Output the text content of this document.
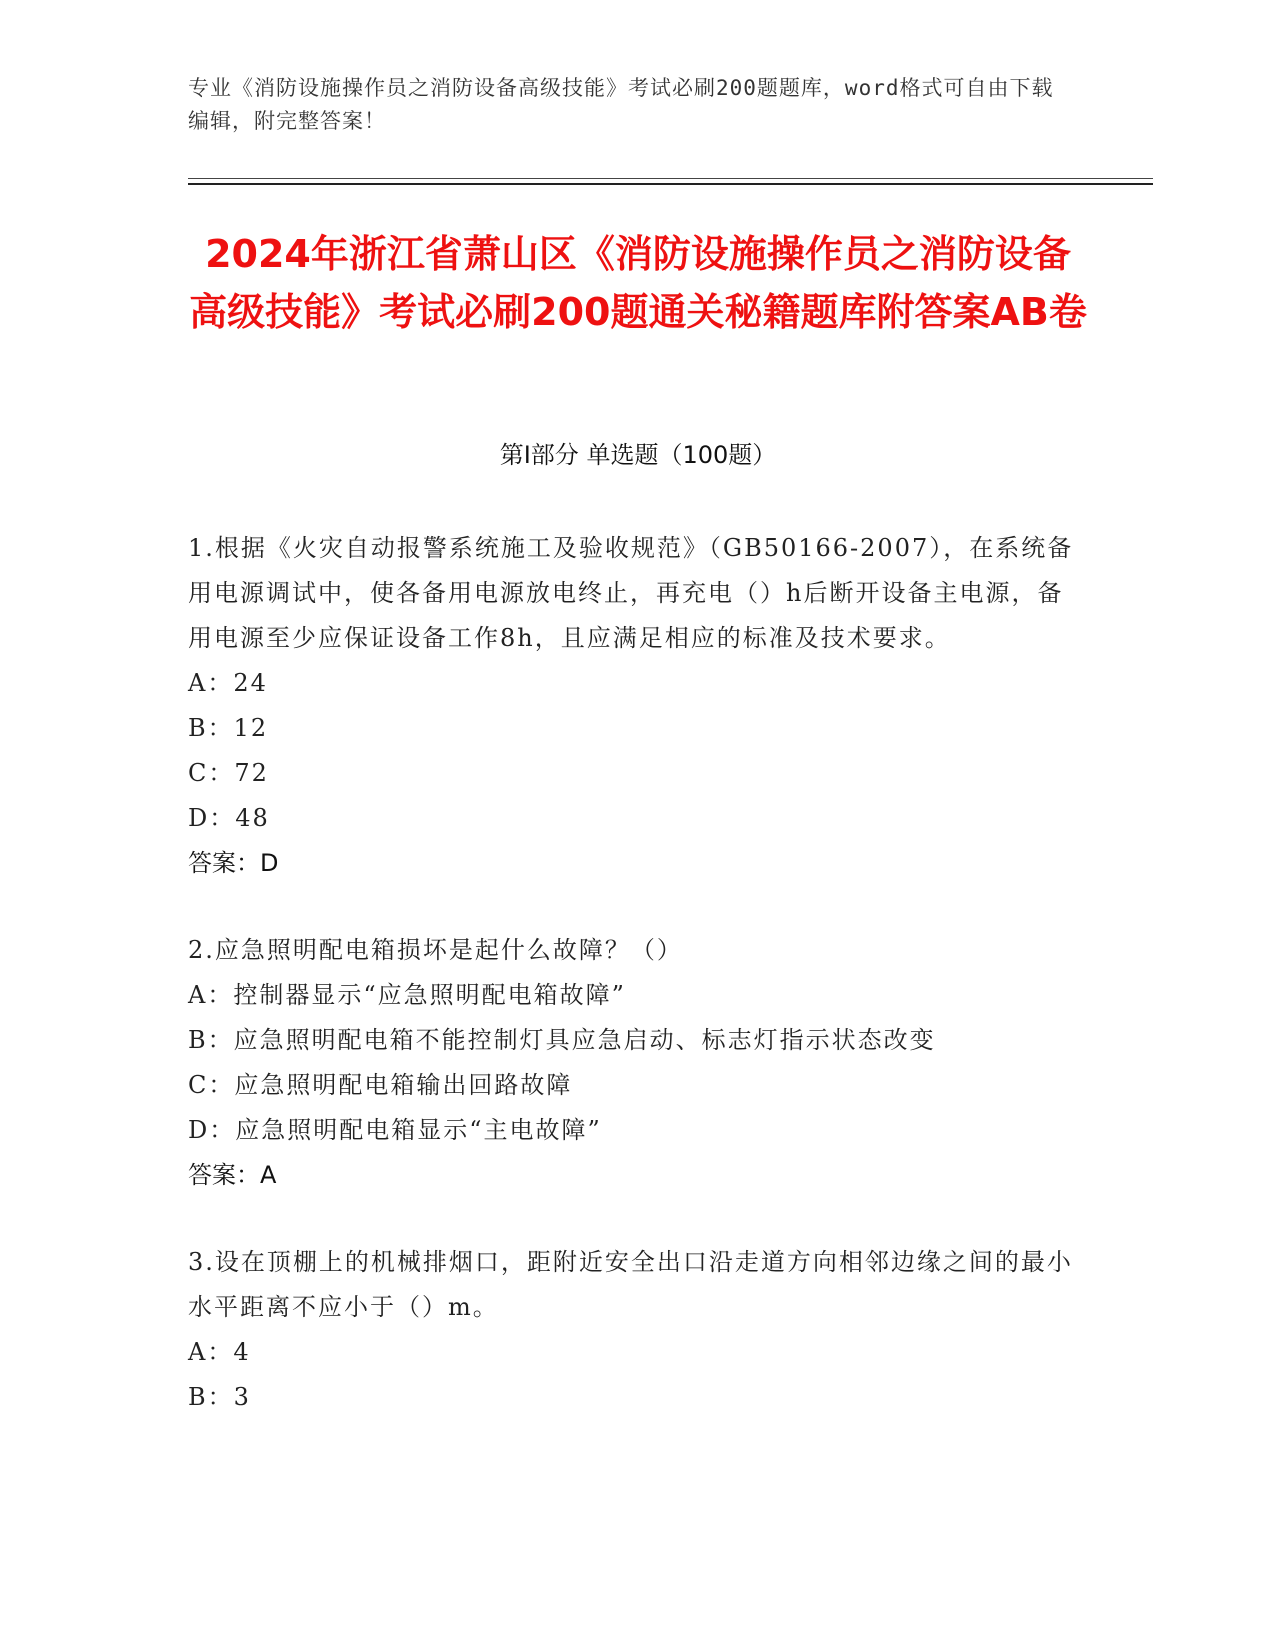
专业《消防设施操作员之消防设备高级技能》考试必刷200题题库，word格式可自由下载编辑，附完整答案！
2024年浙江省萧山区《消防设施操作员之消防设备高级技能》考试必刷200题通关秘籍题库附答案AB卷
第Ⅰ部分 单选题（100题）
1.根据《火灾自动报警系统施工及验收规范》（GB50166-2007），在系统备用电源调试中，使各备用电源放电终止，再充电（）h后断开设备主电源，备用电源至少应保证设备工作8h，且应满足相应的标准及技术要求。
A：24
B：12
C：72
D：48
答案：D
2.应急照明配电箱损坏是起什么故障？（）
A：控制器显示“应急照明配电箱故障”
B：应急照明配电箱不能控制灯具应急启动、标志灯指示状态改变
C：应急照明配电箱输出回路故障
D：应急照明配电箱显示“主电故障”
答案：A
3.设在顶棚上的机械排烟口，距附近安全出口沿走道方向相邻边缘之间的最小水平距离不应小于（）m。
A：4
B：3
